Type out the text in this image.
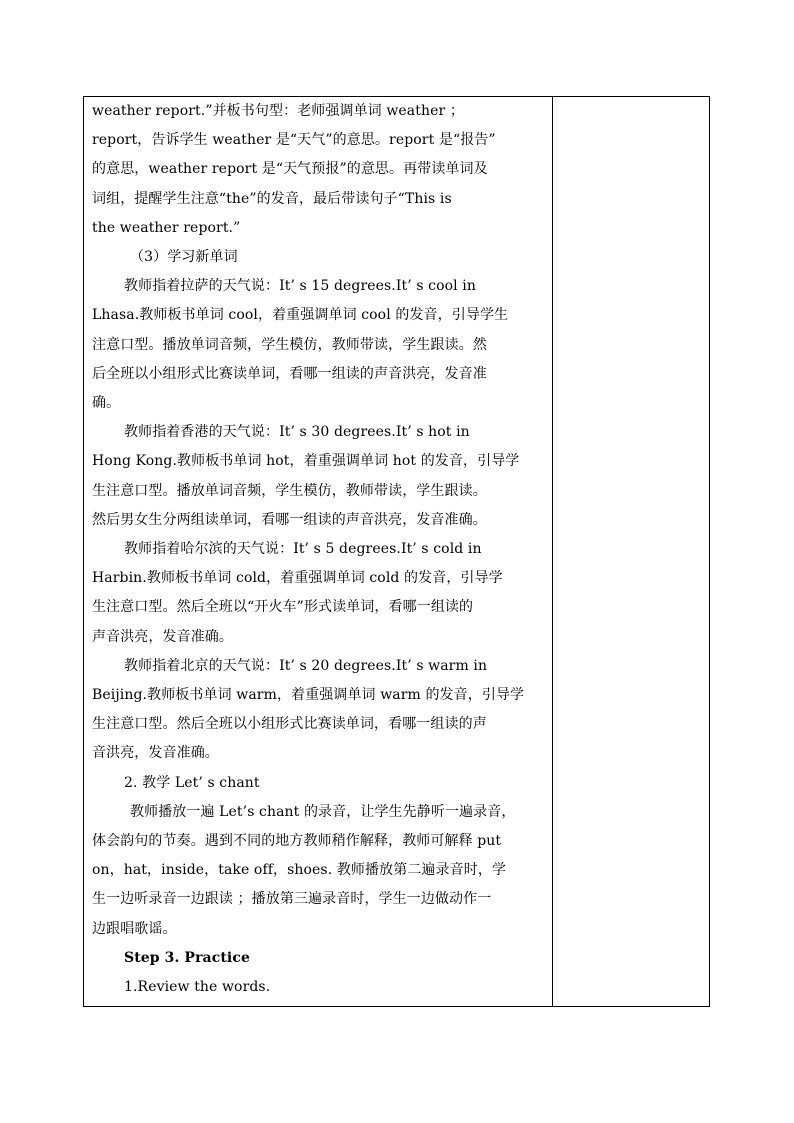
weather report.”并板书句型：老师强调单词 weather ；
report，告诉学生 weather 是“天气”的意思。report 是“报告”
的意思，weather report 是“天气预报”的意思。再带读单词及
词组，提醒学生注意“the”的发音，最后带读句子“This is
the weather report.”

（3）学习新单词

教师指着拉萨的天气说：It’ s 15 degrees.It’ s cool in
Lhasa.教师板书单词 cool，着重强调单词 cool 的发音，引导学生
注意口型。播放单词音频，学生模仿，教师带读，学生跟读。然
后全班以小组形式比赛读单词，看哪一组读的声音洪亮，发音准
确。

教师指着香港的天气说：It’ s 30 degrees.It’ s hot in
Hong Kong.教师板书单词 hot，着重强调单词 hot 的发音，引导学
生注意口型。播放单词音频，学生模仿，教师带读，学生跟读。
然后男女生分两组读单词，看哪一组读的声音洪亮，发音准确。

教师指着哈尔滨的天气说：It’ s 5 degrees.It’ s cold in
Harbin.教师板书单词 cold，着重强调单词 cold 的发音，引导学
生注意口型。然后全班以“开火车”形式读单词，看哪一组读的
声音洪亮，发音准确。

教师指着北京的天气说：It’ s 20 degrees.It’ s warm in
Beijing.教师板书单词 warm，着重强调单词 warm 的发音，引导学
生注意口型。然后全班以小组形式比赛读单词，看哪一组读的声
音洪亮，发音准确。

2. 教学 Let’ s chant

教师播放一遍 Let’s chant 的录音，让学生先静听一遍录音，
体会韵句的节奏。遇到不同的地方教师稍作解释，教师可解释 put
on，hat，inside，take off，shoes. 教师播放第二遍录音时，学
生一边听录音一边跟读 ；播放第三遍录音时，学生一边做动作一
边跟唱歌谣。

Step 3. Practice

1.Review the words.
